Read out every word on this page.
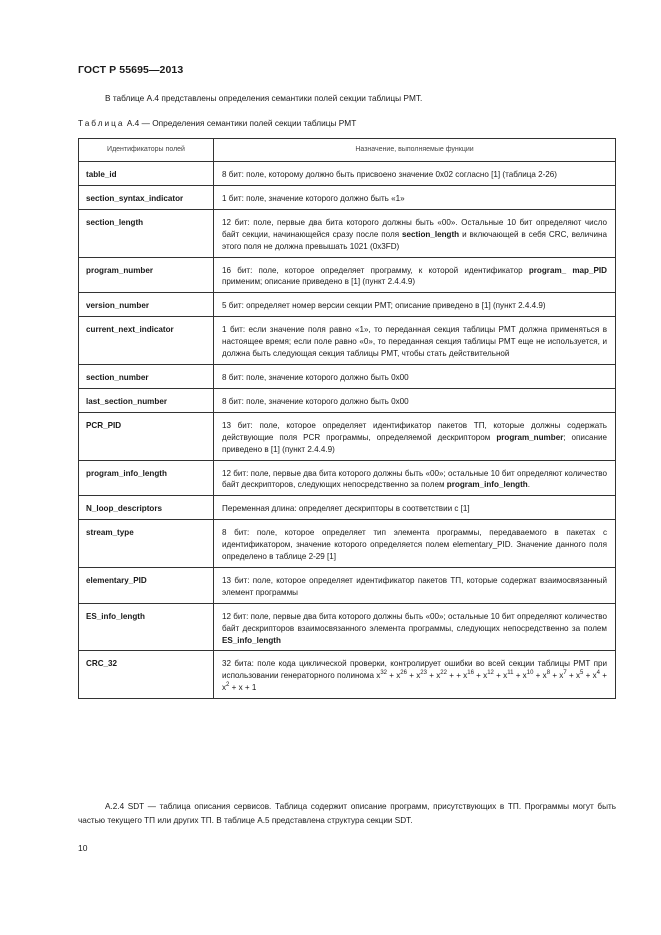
ГОСТ Р 55695—2013
В таблице А.4 представлены определения семантики полей секции таблицы PMT.
Таблица А.4 — Определения семантики полей секции таблицы PMT
Идентификаторы полей	Назначение, выполняемые функции
table_id	8 бит: поле, которому должно быть присвоено значение 0x02 согласно [1] (таблица 2-26)
section_syntax_indicator	1 бит: поле, значение которого должно быть «1»
section_length	12 бит: поле, первые два бита которого должны быть «00». Остальные 10 бит определяют число байт секции, начинающейся сразу после поля section_length и включающей в себя CRC, величина этого поля не должна превышать 1021 (0x3FD)
program_number	16 бит: поле, которое определяет программу, к которой идентификатор program_ map_PID применим; описание приведено в [1] (пункт 2.4.4.9)
version_number	5 бит: определяет номер версии секции PMT; описание приведено в [1] (пункт 2.4.4.9)
current_next_indicator	1 бит: если значение поля равно «1», то переданная секция таблицы PMT должна применяться в настоящее время; если поле равно «0», то переданная секция таблицы PMT еще не используется, и должна быть следующая секция таблицы PMT, чтобы стать действительной
section_number	8 бит: поле, значение которого должно быть 0x00
last_section_number	8 бит: поле, значение которого должно быть 0x00
PCR_PID	13 бит: поле, которое определяет идентификатор пакетов ТП, которые должны содержать действующие поля PCR программы, определяемой дескриптором program_number; описание приведено в [1] (пункт 2.4.4.9)
program_info_length	12 бит: поле, первые два бита которого должны быть «00»; остальные 10 бит определяют количество байт дескрипторов, следующих непосредственно за полем program_info_length.
N_loop_descriptors	Переменная длина: определяет дескрипторы в соответствии с [1]
stream_type	8 бит: поле, которое определяет тип элемента программы, передаваемого в пакетах с идентификатором, значение которого определяется полем elementary_PID. Значение данного поля определено в таблице 2-29 [1]
elementary_PID	13 бит: поле, которое определяет идентификатор пакетов ТП, которые содержат взаимосвязанный элемент программы
ES_info_length	12 бит: поле, первые два бита которого должны быть «00»; остальные 10 бит определяют количество байт дескрипторов взаимосвязанного элемента программы, следующих непосредственно за полем ES_info_length
CRC_32	32 бита: поле кода циклической проверки, контролирует ошибки во всей секции таблицы PMT при использовании генераторного полинома $x^{32} + x^{26} + x^{23} + x^{22}$ + + $x^{16} + x^{12} + x^{11} + x^{10} + x^8 + x^7 + x^5 + x^4 + x^2 + x + 1$
А.2.4 SDT — таблица описания сервисов. Таблица содержит описание программ, присутствующих в ТП. Программы могут быть частью текущего ТП или других ТП. В таблице А.5 представлена структура секции SDT.
10
